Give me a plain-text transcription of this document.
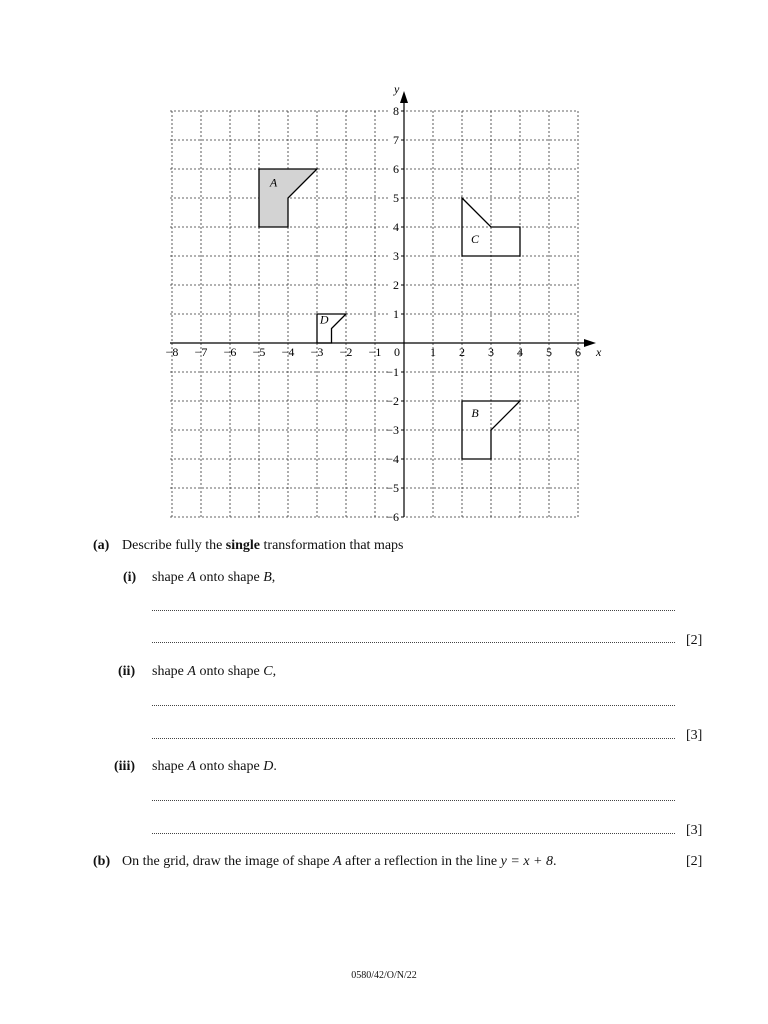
x
y
0
−8 −7 −6 −5 −4 −3 −2 −1	1 2 3 4 5 6
8
7
6
5
4
3
2
1
−1
−2
−3
−4
−5
−6
A
B
C
D
(a) Describe fully the single transformation that maps
(i) shape A onto shape B,
[2]
(ii) shape A onto shape C,
[3]
(iii) shape A onto shape D.
[3]
(b) On the grid, draw the image of shape A after a reflection in the line y = x + 8.	[2]
0580/42/O/N/22
